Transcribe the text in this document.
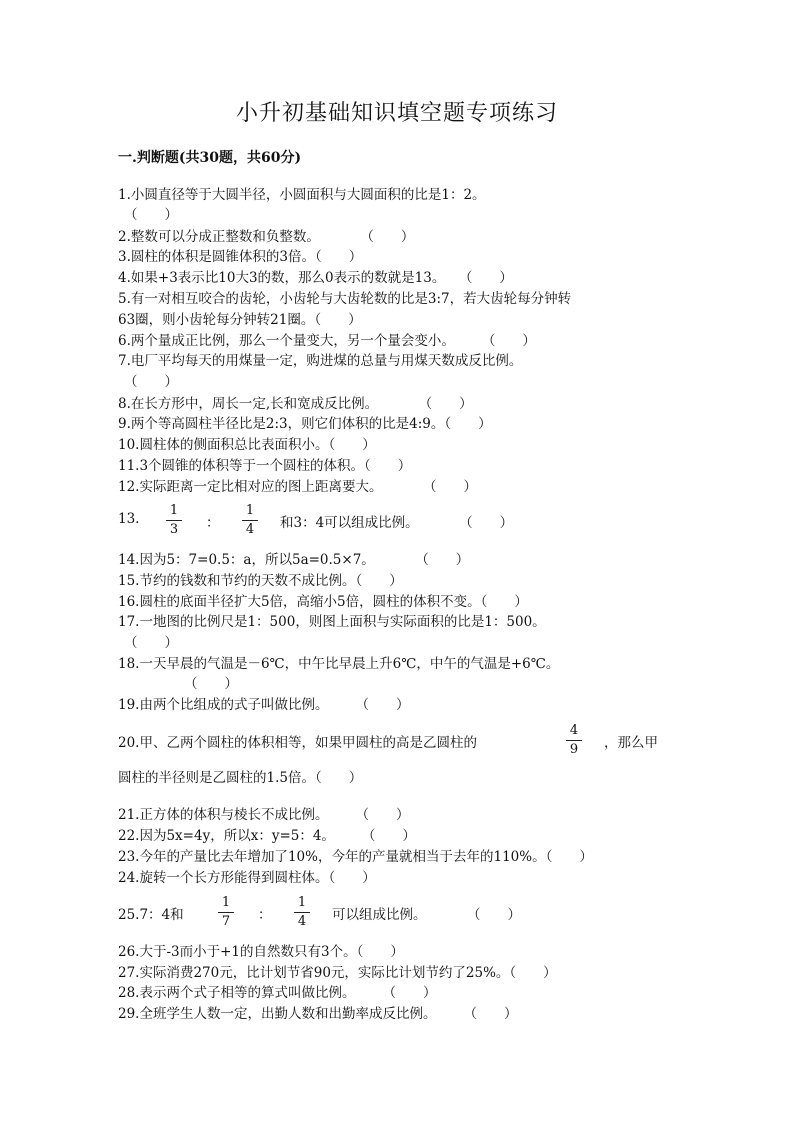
小升初基础知识填空题专项练习
一.判断题(共30题，共60分)
1.小圆直径等于大圆半径，小圆面积与大圆面积的比是1：2。
（　　）
2.整数可以分成正整数和负整数。　　　　（　　）
3.圆柱的体积是圆锥体积的3倍。（　　）
4.如果+3表示比10大3的数，那么0表示的数就是13。　　（　　）
5.有一对相互咬合的齿轮，小齿轮与大齿轮数的比是3:7，若大齿轮每分钟转
63圈，则小齿轮每分钟转21圈。（　　）
6.两个量成正比例，那么一个量变大，另一个量会变小。　　　（　　）
7.电厂平均每天的用煤量一定，购进煤的总量与用煤天数成反比例。
（　　）
8.在长方形中，周长一定,长和宽成反比例。　　　　（　　）
9.两个等高圆柱半径比是2:3，则它们体积的比是4:9。（　　）
10.圆柱体的侧面积总比表面积小。（　　）
11.3个圆锥的体积等于一个圆柱的体积。（　　）
12.实际距离一定比相对应的图上距离要大。　　　　（　　）
13. $\frac{1}{3}$ ： $\frac{1}{4}$ 和3：4可以组成比例。　　　　（　　）
14.因为5：7=0.5：a，所以5a=0.5×7。　　　　（　　）
15.节约的钱数和节约的天数不成比例。（　　）
16.圆柱的底面半径扩大5倍，高缩小5倍，圆柱的体积不变。（　　）
17.一地图的比例尺是1：500，则图上面积与实际面积的比是1：500。
（　　）
18.一天早晨的气温是－6℃，中午比早晨上升6℃，中午的气温是+6℃。
（　　）
19.由两个比组成的式子叫做比例。　　　（　　）
20.甲、乙两个圆柱的体积相等，如果甲圆柱的高是乙圆柱的	$\frac{4}{9}$ ，那么甲
圆柱的半径则是乙圆柱的1.5倍。（　　）
21.正方体的体积与棱长不成比例。　　　（　　）
22.因为5x=4y，所以x：y=5：4。　　　（　　）
23.今年的产量比去年增加了10%，今年的产量就相当于去年的110%。（　　）
24.旋转一个长方形能得到圆柱体。（　　）
25.7：4和	$\frac{1}{7}$ ： $\frac{1}{4}$ 可以组成比例。　　　　（　　）
26.大于-3而小于+1的自然数只有3个。（　　）
27.实际消费270元，比计划节省90元，实际比计划节约了25%。（　　）
28.表示两个式子相等的算式叫做比例。　　　（　　）
29.全班学生人数一定，出勤人数和出勤率成反比例。　　　（　　）
